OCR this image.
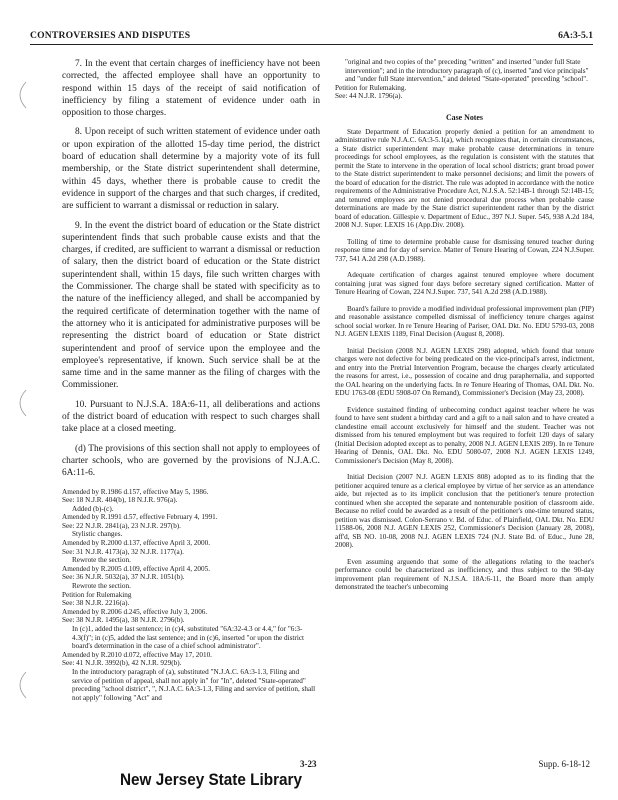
CONTROVERSIES AND DISPUTES	6A:3-5.1

7. In the event that certain charges of inefficiency have not been corrected, the affected employee shall have an opportunity to respond within 15 days of the receipt of said notification of inefficiency by filing a statement of evidence under oath in opposition to those charges.

8. Upon receipt of such written statement of evidence under oath or upon expiration of the allotted 15-day time period, the district board of education shall determine by a majority vote of its full membership, or the State district superintendent shall determine, within 45 days, whether there is probable cause to credit the evidence in support of the charges and that such charges, if credited, are sufficient to warrant a dismissal or reduction in salary.

9. In the event the district board of education or the State district superintendent finds that such probable cause exists and that the charges, if credited, are sufficient to warrant a dismissal or reduction of salary, then the district board of education or the State district superintendent shall, within 15 days, file such written charges with the Commissioner. The charge shall be stated with specificity as to the nature of the inefficiency alleged, and shall be accompanied by the required certificate of determination together with the name of the attorney who it is anticipated for administrative purposes will be representing the district board of education or State district superintendent and proof of service upon the employee and the employee's representative, if known. Such service shall be at the same time and in the same manner as the filing of charges with the Commissioner.

10. Pursuant to N.J.S.A. 18A:6-11, all deliberations and actions of the district board of education with respect to such charges shall take place at a closed meeting.

(d) The provisions of this section shall not apply to employees of charter schools, who are governed by the provisions of N.J.A.C. 6A:11-6.

Amended by R.1986 d.157, effective May 5, 1986.
See: 18 N.J.R. 404(b), 18 N.J.R. 976(a).
Added (b)-(c).
Amended by R.1991 d.57, effective February 4, 1991.
See: 22 N.J.R. 2841(a), 23 N.J.R. 297(b).
Stylistic changes.
Amended by R.2000 d.137, effective April 3, 2000.
See: 31 N.J.R. 4173(a), 32 N.J.R. 1177(a).
Rewrote the section.
Amended by R.2005 d.109, effective April 4, 2005.
See: 36 N.J.R. 5032(a), 37 N.J.R. 1051(b).
Rewrote the section.
Petition for Rulemaking
See: 38 N.J.R. 2216(a).
Amended by R.2006 d.245, effective July 3, 2006.
See: 38 N.J.R. 1495(a), 38 N.J.R. 2796(b).
In (c)1, added the last sentence; in (c)4, substituted "6A:32-4.3 or 4.4," for "6:3-4.3(f)"; in (c)5, added the last sentence; and in (c)6, inserted "or upon the district board's determination in the case of a chief school administrator".
Amended by R.2010 d.072, effective May 17, 2010.
See: 41 N.J.R. 3992(b), 42 N.J.R. 929(b).
In the introductory paragraph of (a), substituted "N.J.A.C. 6A:3-1.3, Filing and service of petition of appeal, shall not apply in" for "In", deleted "State-operated" preceding "school district", ", N.J.A.C. 6A:3-1.3, Filing and service of petition, shall not apply" following "Act" and
"original and two copies of the" preceding "written" and inserted "under full State intervention"; and in the introductory paragraph of (c), inserted "and vice principals" and "under full State intervention," and deleted "State-operated" preceding "school".
Petition for Rulemaking.
See: 44 N.J.R. 1796(a).
Case Notes

State Department of Education properly denied a petition for an amendment to administrative rule N.J.A.C. 6A:3-5.1(a), which recognizes that, in certain circumstances, a State district superintendent may make probable cause determinations in tenure proceedings for school employees, as the regulation is consistent with the statutes that permit the State to intervene in the operation of local school districts; grant broad power to the State district superintendent to make personnel decisions; and limit the powers of the board of education for the district. The rule was adopted in accordance with the notice requirements of the Administrative Procedure Act, N.J.S.A. 52:14B-1 through 52:14B-15; and tenured employees are not denied procedural due process when probable cause determinations are made by the State district superintendent rather than by the district board of education. Gillespie v. Department of Educ., 397 N.J. Super. 545, 938 A.2d 184, 2008 N.J. Super. LEXIS 16 (App.Div. 2008).

Tolling of time to determine probable cause for dismissing tenured teacher during response time and for day of service. Matter of Tenure Hearing of Cowan, 224 N.J.Super. 737, 541 A.2d 298 (A.D.1988).

Adequate certification of charges against tenured employee where document containing jurat was signed four days before secretary signed certification. Matter of Tenure Hearing of Cowan, 224 N.J.Super. 737, 541 A.2d 298 (A.D.1988).

Board's failure to provide a modified individual professional improvement plan (PIP) and reasonable assistance compelled dismissal of inefficiency tenure charges against school social worker. In re Tenure Hearing of Pariser, OAL Dkt. No. EDU 5793-03, 2008 N.J. AGEN LEXIS 1189, Final Decision (August 8, 2008).

Initial Decision (2008 N.J. AGEN LEXIS 298) adopted, which found that tenure charges were not defective for being predicated on the vice-principal's arrest, indictment, and entry into the Pretrial Intervention Program, because the charges clearly articulated the reasons for arrest, i.e., possession of cocaine and drug paraphernalia, and supported the OAL hearing on the underlying facts. In re Tenure Hearing of Thomas, OAL Dkt. No. EDU 1763-08 (EDU 5908-07 On Remand), Commissioner's Decision (May 23, 2008).

Evidence sustained finding of unbecoming conduct against teacher where he was found to have sent student a birthday card and a gift to a nail salon and to have created a clandestine email account exclusively for himself and the student. Teacher was not dismissed from his tenured employment but was required to forfeit 120 days of salary (Initial Decision adopted except as to penalty, 2008 N.J. AGEN LEXIS 209). In re Tenure Hearing of Dennis, OAL Dkt. No. EDU 5080-07, 2008 N.J. AGEN LEXIS 1249, Commissioner's Decision (May 8, 2008).

Initial Decision (2007 N.J. AGEN LEXIS 808) adopted as to its finding that the petitioner acquired tenure as a clerical employee by virtue of her service as an attendance aide, but rejected as to its implicit conclusion that the petitioner's tenure protection continued when she accepted the separate and nontenurable position of classroom aide. Because no relief could be awarded as a result of the petitioner's one-time tenured status, petition was dismissed. Colon-Serrano v. Bd. of Educ. of Plainfield, OAL Dkt. No. EDU 11588-06, 2008 N.J. AGEN LEXIS 252, Commissioner's Decision (January 28, 2008), aff'd, SB NO. 10-08, 2008 N.J. AGEN LEXIS 724 (N.J. State Bd. of Educ., June 28, 2008).

Even assuming arguendo that some of the allegations relating to the teacher's performance could be characterized as inefficiency, and thus subject to the 90-day improvement plan requirement of N.J.S.A. 18A:6-11, the Board more than amply demonstrated the teacher's unbecoming

3-23	Supp. 6-18-12
New Jersey State Library
